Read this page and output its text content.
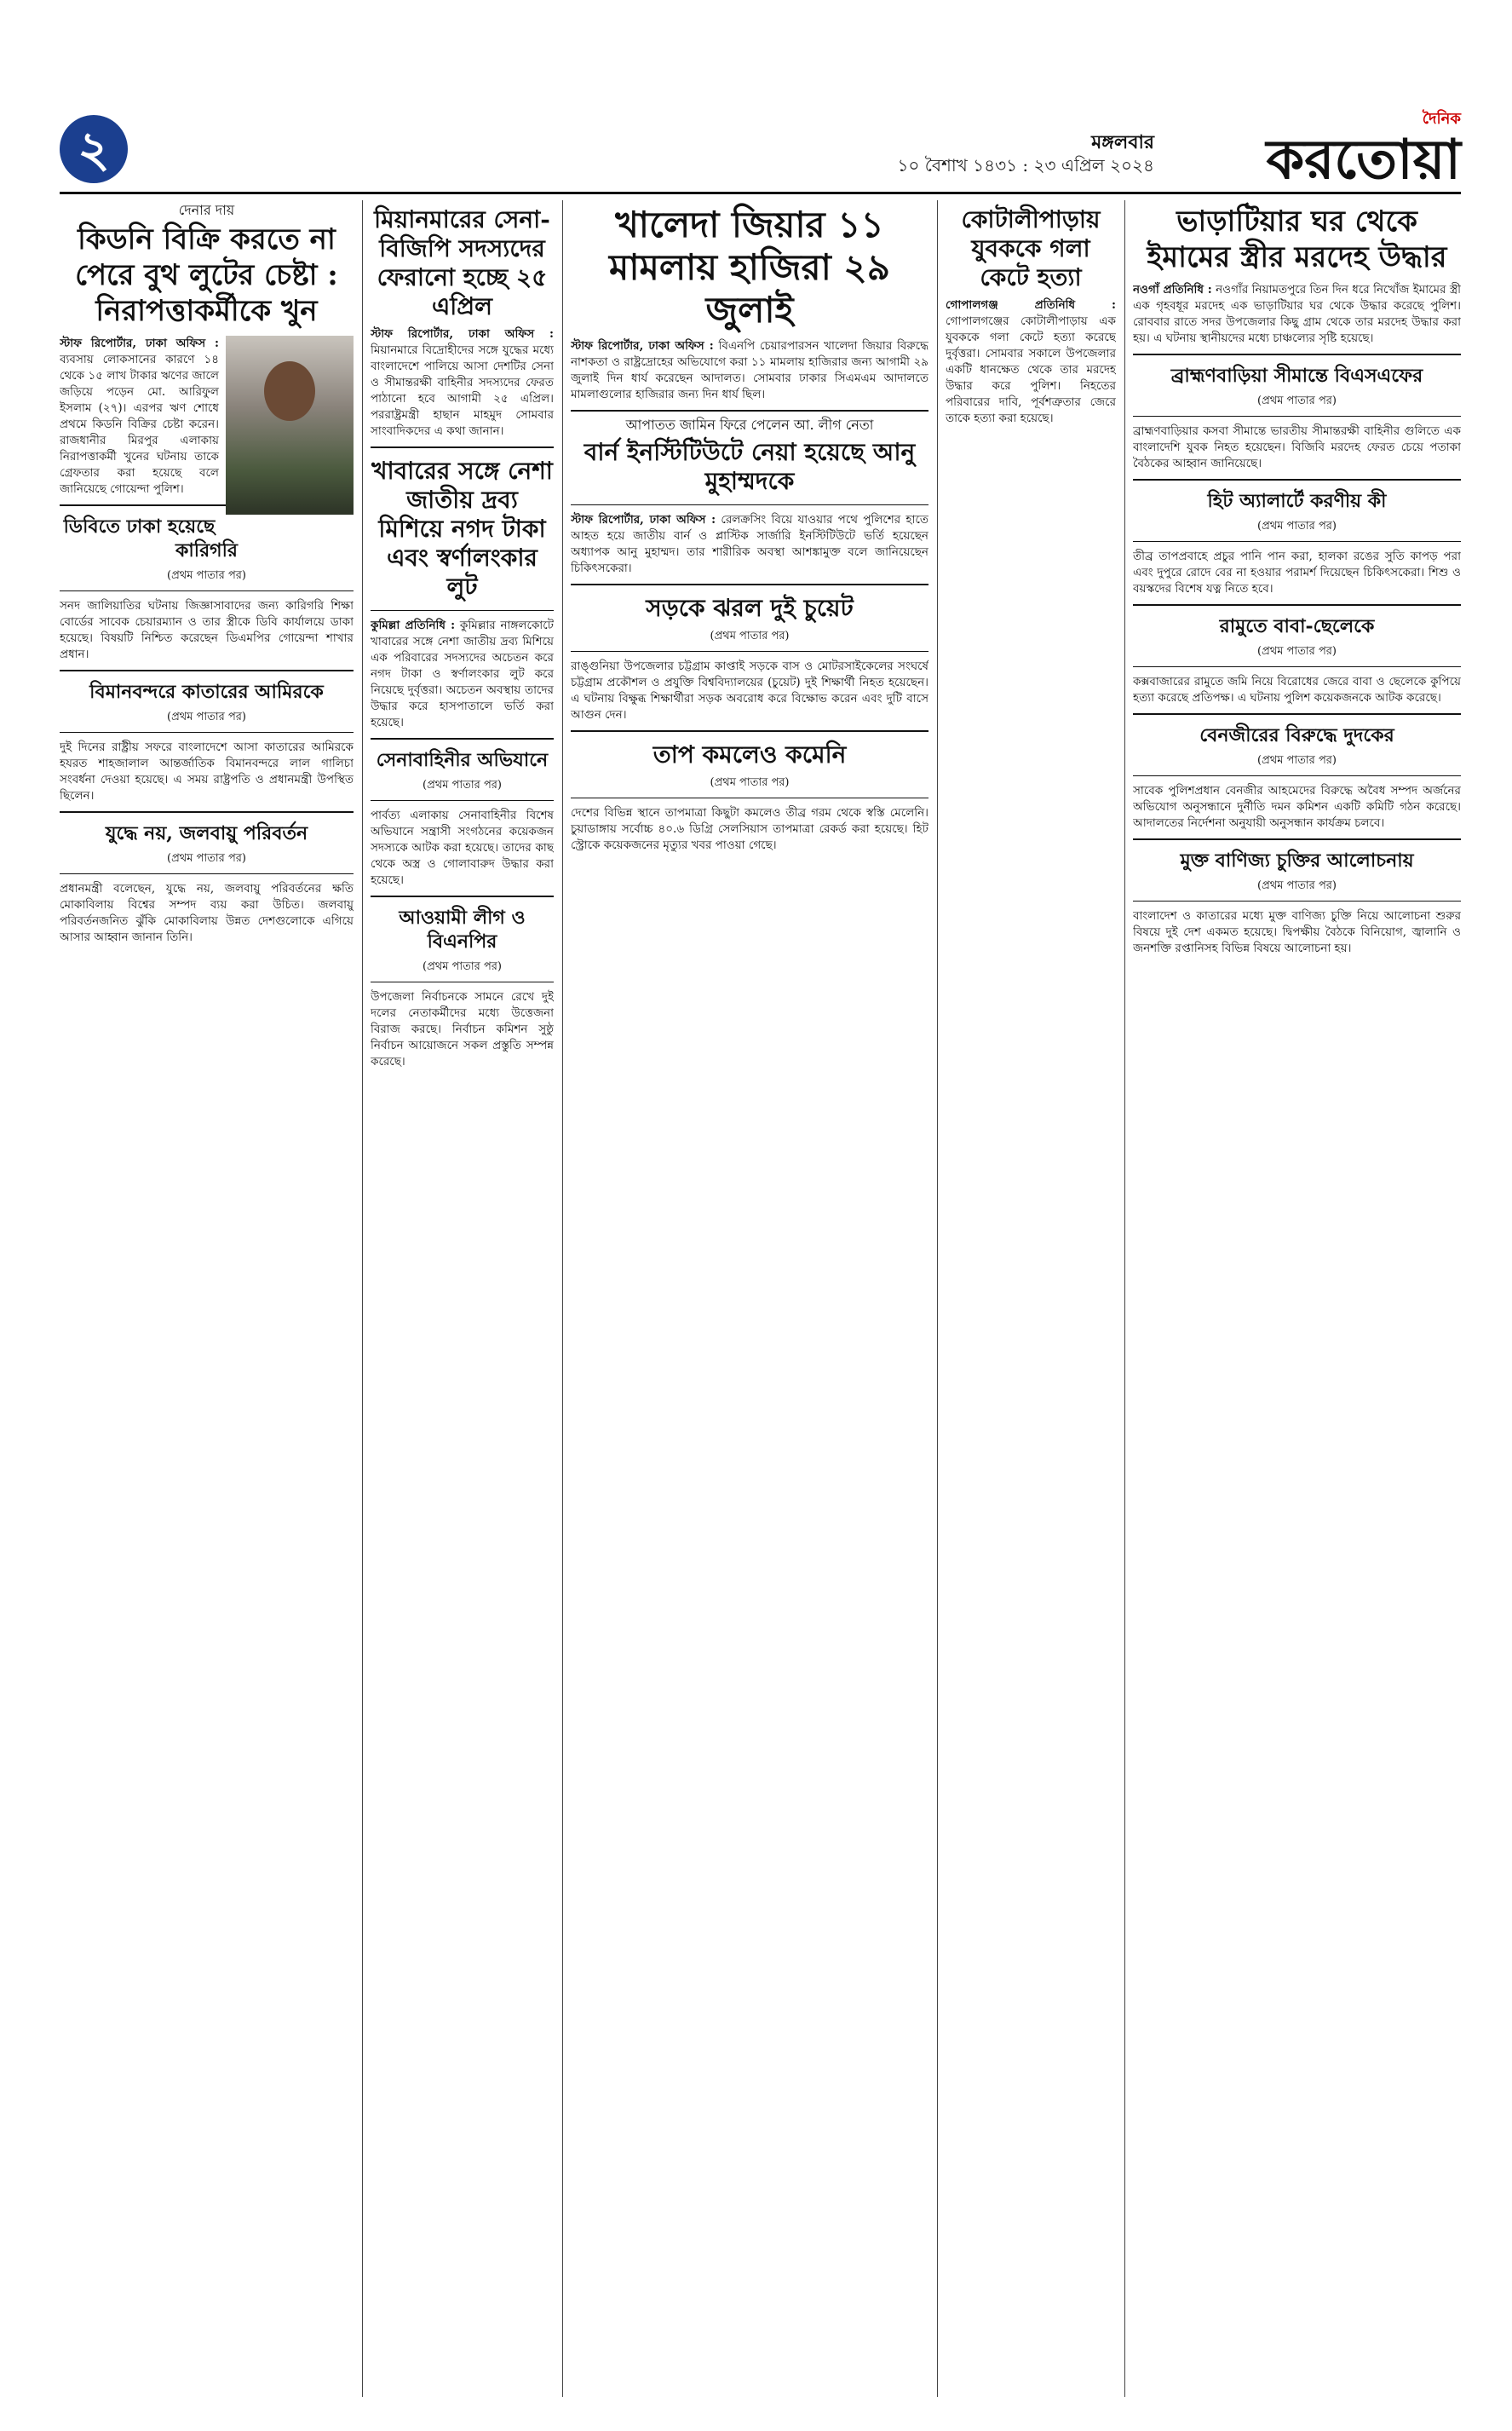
২	মঙ্গলবার
১০ বৈশাখ ১৪৩১ : ২৩ এপ্রিল ২০২৪
দৈনিক
করতোয়া
দেনার দায়
কিডনি বিক্রি করতে না পেরে বুথ লুটের চেষ্টা : নিরাপত্তাকর্মীকে খুন

স্টাফ রিপোর্টার, ঢাকা অফিস : ব্যবসায় লোকসানের কারণে ১৪ থেকে ১৫ লাখ টাকার ঋণের জালে জড়িয়ে পড়েন মো. আরিফুল ইসলাম (২৭)। এরপর ঋণ শোধে প্রথমে কিডনি বিক্রির চেষ্টা করেন। রাজধানীর মিরপুর এলাকায় নিরাপত্তাকর্মী খুনের ঘটনায় তাকে গ্রেফতার করা হয়েছে বলে জানিয়েছে গোয়েন্দা পুলিশ।

ডিবিতে ঢাকা হয়েছে কারিগরি
(প্রথম পাতার পর)

সনদ জালিয়াতির ঘটনায় জিজ্ঞাসাবাদের জন্য কারিগরি শিক্ষা বোর্ডের সাবেক চেয়ারম্যান ও তার স্ত্রীকে ডিবি কার্যালয়ে ডাকা হয়েছে। বিষয়টি নিশ্চিত করেছেন ডিএমপির গোয়েন্দা শাখার প্রধান।

বিমানবন্দরে কাতারের আমিরকে
(প্রথম পাতার পর)

দুই দিনের রাষ্ট্রীয় সফরে বাংলাদেশে আসা কাতারের আমিরকে হযরত শাহজালাল আন্তর্জাতিক বিমানবন্দরে লাল গালিচা সংবর্ধনা দেওয়া হয়েছে। এ সময় রাষ্ট্রপতি ও প্রধানমন্ত্রী উপস্থিত ছিলেন।

যুদ্ধে নয়, জলবায়ু পরিবর্তন
(প্রথম পাতার পর)

প্রধানমন্ত্রী বলেছেন, যুদ্ধে নয়, জলবায়ু পরিবর্তনের ক্ষতি মোকাবিলায় বিশ্বের সম্পদ ব্যয় করা উচিত। জলবায়ু পরিবর্তনজনিত ঝুঁকি মোকাবিলায় উন্নত দেশগুলোকে এগিয়ে আসার আহ্বান জানান তিনি।

মিয়ানমারের সেনা-বিজিপি সদস্যদের ফেরানো হচ্ছে ২৫ এপ্রিল

স্টাফ রিপোর্টার, ঢাকা অফিস : মিয়ানমারে বিদ্রোহীদের সঙ্গে যুদ্ধের মধ্যে বাংলাদেশে পালিয়ে আসা দেশটির সেনা ও সীমান্তরক্ষী বাহিনীর সদস্যদের ফেরত পাঠানো হবে আগামী ২৫ এপ্রিল। পররাষ্ট্রমন্ত্রী হাছান মাহমুদ সোমবার সাংবাদিকদের এ কথা জানান।

খাবারের সঙ্গে নেশা জাতীয় দ্রব্য মিশিয়ে নগদ টাকা এবং স্বর্ণালংকার লুট

কুমিল্লা প্রতিনিধি : কুমিল্লার নাঙ্গলকোটে খাবারের সঙ্গে নেশা জাতীয় দ্রব্য মিশিয়ে এক পরিবারের সদস্যদের অচেতন করে নগদ টাকা ও স্বর্ণালংকার লুট করে নিয়েছে দুর্বৃত্তরা। অচেতন অবস্থায় তাদের উদ্ধার করে হাসপাতালে ভর্তি করা হয়েছে।

সেনাবাহিনীর অভিযানে
(প্রথম পাতার পর)

পার্বত্য এলাকায় সেনাবাহিনীর বিশেষ অভিযানে সন্ত্রাসী সংগঠনের কয়েকজন সদস্যকে আটক করা হয়েছে। তাদের কাছ থেকে অস্ত্র ও গোলাবারুদ উদ্ধার করা হয়েছে।

আওয়ামী লীগ ও বিএনপির
(প্রথম পাতার পর)

উপজেলা নির্বাচনকে সামনে রেখে দুই দলের নেতাকর্মীদের মধ্যে উত্তেজনা বিরাজ করছে। নির্বাচন কমিশন সুষ্ঠু নির্বাচন আয়োজনে সকল প্রস্তুতি সম্পন্ন করেছে।

খালেদা জিয়ার ১১ মামলায় হাজিরা ২৯ জুলাই

স্টাফ রিপোর্টার, ঢাকা অফিস : বিএনপি চেয়ারপারসন খালেদা জিয়ার বিরুদ্ধে নাশকতা ও রাষ্ট্রদ্রোহের অভিযোগে করা ১১ মামলায় হাজিরার জন্য আগামী ২৯ জুলাই দিন ধার্য করেছেন আদালত। সোমবার ঢাকার সিএমএম আদালতে মামলাগুলোর হাজিরার জন্য দিন ধার্য ছিল।

আপাতত জামিন ফিরে পেলেন আ. লীগ নেতা
বার্ন ইনস্টিটিউটে নেয়া হয়েছে আনু মুহাম্মদকে

স্টাফ রিপোর্টার, ঢাকা অফিস : রেলক্রসিং বিয়ে যাওয়ার পথে পুলিশের হাতে আহত হয়ে জাতীয় বার্ন ও প্লাস্টিক সার্জারি ইনস্টিটিউটে ভর্তি হয়েছেন অধ্যাপক আনু মুহাম্মদ। তার শারীরিক অবস্থা আশঙ্কামুক্ত বলে জানিয়েছেন চিকিৎসকেরা।

সড়কে ঝরল দুই চুয়েট
(প্রথম পাতার পর)

রাঙ্গুনিয়া উপজেলার চট্টগ্রাম কাপ্তাই সড়কে বাস ও মোটরসাইকেলের সংঘর্ষে চট্টগ্রাম প্রকৌশল ও প্রযুক্তি বিশ্ববিদ্যালয়ের (চুয়েট) দুই শিক্ষার্থী নিহত হয়েছেন। এ ঘটনায় বিক্ষুব্ধ শিক্ষার্থীরা সড়ক অবরোধ করে বিক্ষোভ করেন এবং দুটি বাসে আগুন দেন।

তাপ কমলেও কমেনি
(প্রথম পাতার পর)

দেশের বিভিন্ন স্থানে তাপমাত্রা কিছুটা কমলেও তীব্র গরম থেকে স্বস্তি মেলেনি। চুয়াডাঙ্গায় সর্বোচ্চ ৪০.৬ ডিগ্রি সেলসিয়াস তাপমাত্রা রেকর্ড করা হয়েছে। হিট স্ট্রোকে কয়েকজনের মৃত্যুর খবর পাওয়া গেছে।

কোটালীপাড়ায় যুবককে গলা কেটে হত্যা

গোপালগঞ্জ প্রতিনিধি : গোপালগঞ্জের কোটালীপাড়ায় এক যুবককে গলা কেটে হত্যা করেছে দুর্বৃত্তরা। সোমবার সকালে উপজেলার একটি ধানক্ষেত থেকে তার মরদেহ উদ্ধার করে পুলিশ। নিহতের পরিবারের দাবি, পূর্বশত্রুতার জেরে তাকে হত্যা করা হয়েছে।

ভাড়াটিয়ার ঘর থেকে ইমামের স্ত্রীর মরদেহ উদ্ধার

নওগাঁ প্রতিনিধি : নওগাঁর নিয়ামতপুরে তিন দিন ধরে নিখোঁজ ইমামের স্ত্রী এক গৃহবধূর মরদেহ এক ভাড়াটিয়ার ঘর থেকে উদ্ধার করেছে পুলিশ। রোববার রাতে সদর উপজেলার কিছু গ্রাম থেকে তার মরদেহ উদ্ধার করা হয়। এ ঘটনায় স্থানীয়দের মধ্যে চাঞ্চল্যের সৃষ্টি হয়েছে।

ব্রাহ্মণবাড়িয়া সীমান্তে বিএসএফের
(প্রথম পাতার পর)

ব্রাহ্মণবাড়িয়ার কসবা সীমান্তে ভারতীয় সীমান্তরক্ষী বাহিনীর গুলিতে এক বাংলাদেশি যুবক নিহত হয়েছেন। বিজিবি মরদেহ ফেরত চেয়ে পতাকা বৈঠকের আহ্বান জানিয়েছে।

হিট অ্যালার্টে করণীয় কী
(প্রথম পাতার পর)

তীব্র তাপপ্রবাহে প্রচুর পানি পান করা, হালকা রঙের সুতি কাপড় পরা এবং দুপুরে রোদে বের না হওয়ার পরামর্শ দিয়েছেন চিকিৎসকেরা। শিশু ও বয়স্কদের বিশেষ যত্ন নিতে হবে।

রামুতে বাবা-ছেলেকে
(প্রথম পাতার পর)

কক্সবাজারের রামুতে জমি নিয়ে বিরোধের জেরে বাবা ও ছেলেকে কুপিয়ে হত্যা করেছে প্রতিপক্ষ। এ ঘটনায় পুলিশ কয়েকজনকে আটক করেছে।

বেনজীরের বিরুদ্ধে দুদকের
(প্রথম পাতার পর)

সাবেক পুলিশপ্রধান বেনজীর আহমেদের বিরুদ্ধে অবৈধ সম্পদ অর্জনের অভিযোগ অনুসন্ধানে দুর্নীতি দমন কমিশন একটি কমিটি গঠন করেছে। আদালতের নির্দেশনা অনুযায়ী অনুসন্ধান কার্যক্রম চলবে।

মুক্ত বাণিজ্য চুক্তির আলোচনায়
(প্রথম পাতার পর)

বাংলাদেশ ও কাতারের মধ্যে মুক্ত বাণিজ্য চুক্তি নিয়ে আলোচনা শুরুর বিষয়ে দুই দেশ একমত হয়েছে। দ্বিপক্ষীয় বৈঠকে বিনিয়োগ, জ্বালানি ও জনশক্তি রপ্তানিসহ বিভিন্ন বিষয়ে আলোচনা হয়।
